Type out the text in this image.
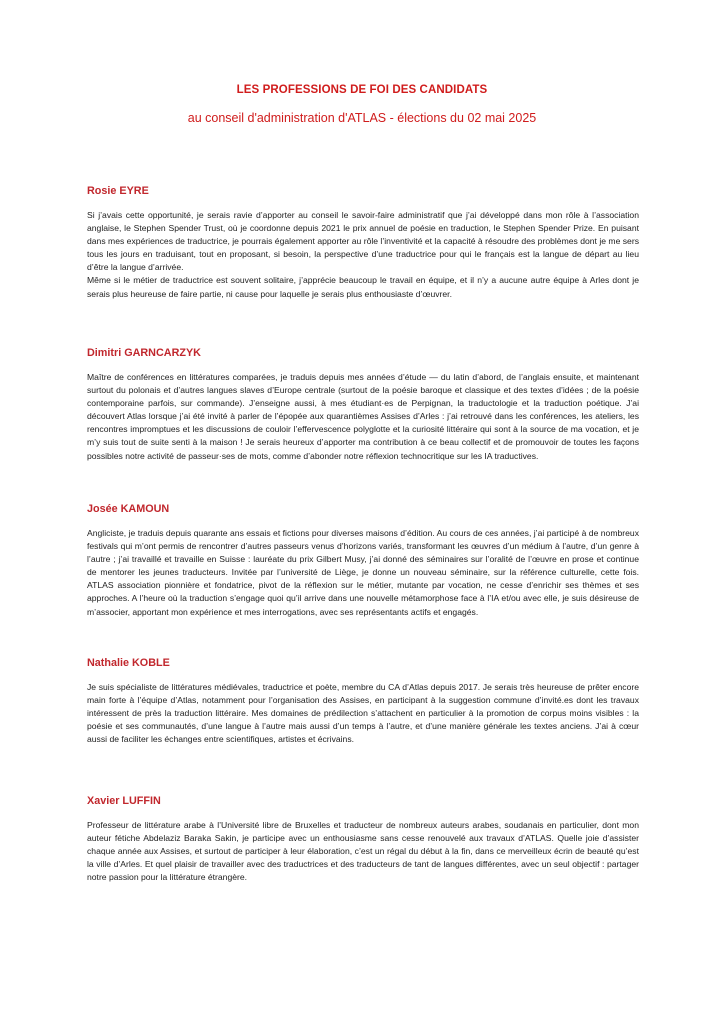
LES PROFESSIONS DE FOI DES CANDIDATS
au conseil d'administration d'ATLAS - élections du 02 mai 2025
Rosie EYRE

Si j’avais cette opportunité, je serais ravie d’apporter au conseil le savoir-faire administratif que j’ai développé dans mon rôle à l’association anglaise, le Stephen Spender Trust, où je coordonne depuis 2021 le prix annuel de poésie en traduction, le Stephen Spender Prize. En puisant dans mes expériences de traductrice, je pourrais également apporter au rôle l’inventivité et la capacité à résoudre des problèmes dont je me sers tous les jours en traduisant, tout en proposant, si besoin, la perspective d’une traductrice pour qui le français est la langue de départ au lieu d’être la langue d’arrivée.
Même si le métier de traductrice est souvent solitaire, j’apprécie beaucoup le travail en équipe, et il n’y a aucune autre équipe à Arles dont je serais plus heureuse de faire partie, ni cause pour laquelle je serais plus enthousiaste d’œuvrer.

Dimitri GARNCARZYK

Maître de conférences en littératures comparées, je traduis depuis mes années d’étude — du latin d’abord, de l’anglais ensuite, et maintenant surtout du polonais et d’autres langues slaves d’Europe centrale (surtout de la poésie baroque et classique et des textes d’idées ; de la poésie contemporaine parfois, sur commande). J’enseigne aussi, à mes étudiant·es de Perpignan, la traductologie et la traduction poétique. J’ai découvert Atlas lorsque j’ai été invité à parler de l’épopée aux quarantièmes Assises d’Arles : j’ai retrouvé dans les conférences, les ateliers, les rencontres impromptues et les discussions de couloir l’effervescence polyglotte et la curiosité littéraire qui sont à la source de ma vocation, et je m’y suis tout de suite senti à la maison ! Je serais heureux d’apporter ma contribution à ce beau collectif et de promouvoir de toutes les façons possibles notre activité de passeur·ses de mots, comme d’abonder notre réflexion technocritique sur les IA traductives.

Josée KAMOUN

Angliciste, je traduis depuis quarante ans essais et fictions pour diverses maisons d’édition. Au cours de ces années, j’ai participé à de nombreux festivals qui m’ont permis de rencontrer d’autres passeurs venus d’horizons variés, transformant les œuvres d’un médium à l’autre, d’un genre à l’autre ; j’ai travaillé et travaille en Suisse : lauréate du prix Gilbert Musy, j’ai donné des séminaires sur l’oralité de l’œuvre en prose et continue de mentorer les jeunes traducteurs. Invitée par l’université de Liège, je donne un nouveau séminaire, sur la référence culturelle, cette fois. ATLAS association pionnière et fondatrice, pivot de la réflexion sur le métier, mutante par vocation, ne cesse d’enrichir ses thèmes et ses approches. A l’heure où la traduction s’engage quoi qu’il arrive dans une nouvelle métamorphose face à l’IA et/ou avec elle, je suis désireuse de m’associer, apportant mon expérience et mes interrogations, avec ses représentants actifs et engagés.

Nathalie KOBLE

Je suis spécialiste de littératures médiévales, traductrice et poète, membre du CA d’Atlas depuis 2017. Je serais très heureuse de prêter encore main forte à l’équipe d’Atlas, notamment pour l’organisation des Assises, en participant à la suggestion commune d’invité.es dont les travaux intéressent de près la traduction littéraire. Mes domaines de prédilection s’attachent en particulier à la promotion de corpus moins visibles : la poésie et ses communautés, d’une langue à l’autre mais aussi d’un temps à l’autre, et d’une manière générale les textes anciens. J’ai à cœur aussi de faciliter les échanges entre scientifiques, artistes et écrivains.

Xavier LUFFIN

Professeur de littérature arabe à l’Université libre de Bruxelles et traducteur de nombreux auteurs arabes, soudanais en particulier, dont mon auteur fétiche Abdelaziz Baraka Sakin, je participe avec un enthousiasme sans cesse renouvelé aux travaux d’ATLAS. Quelle joie d’assister chaque année aux Assises, et surtout de participer à leur élaboration, c’est un régal du début à la fin, dans ce merveilleux écrin de beauté qu’est la ville d’Arles. Et quel plaisir de travailler avec des traductrices et des traducteurs de tant de langues différentes, avec un seul objectif : partager notre passion pour la littérature étrangère.
